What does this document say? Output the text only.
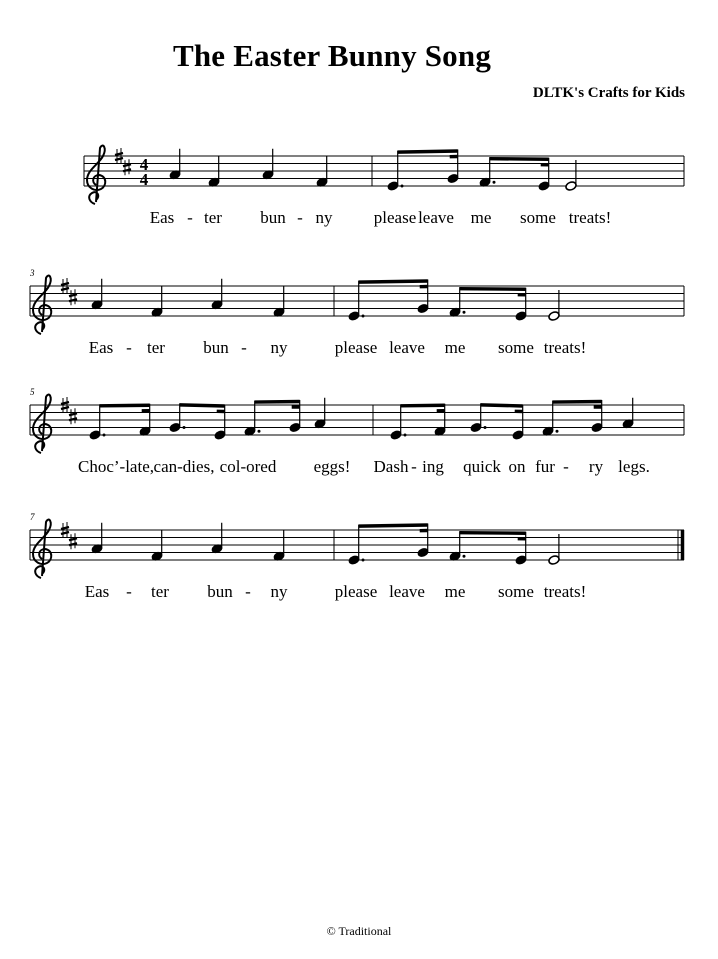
The Easter Bunny Song
DLTK's Crafts for Kids
4
4
Eas - ter bun - ny please leave me some treats!
3
Eas - ter bun - ny	please leave me some treats!
5
Choc’-late, can-dies, col-ored eggs! Dash - ing quick on fur - ry legs.
7
Eas - ter bun - ny	please leave me some treats!
© Traditional
